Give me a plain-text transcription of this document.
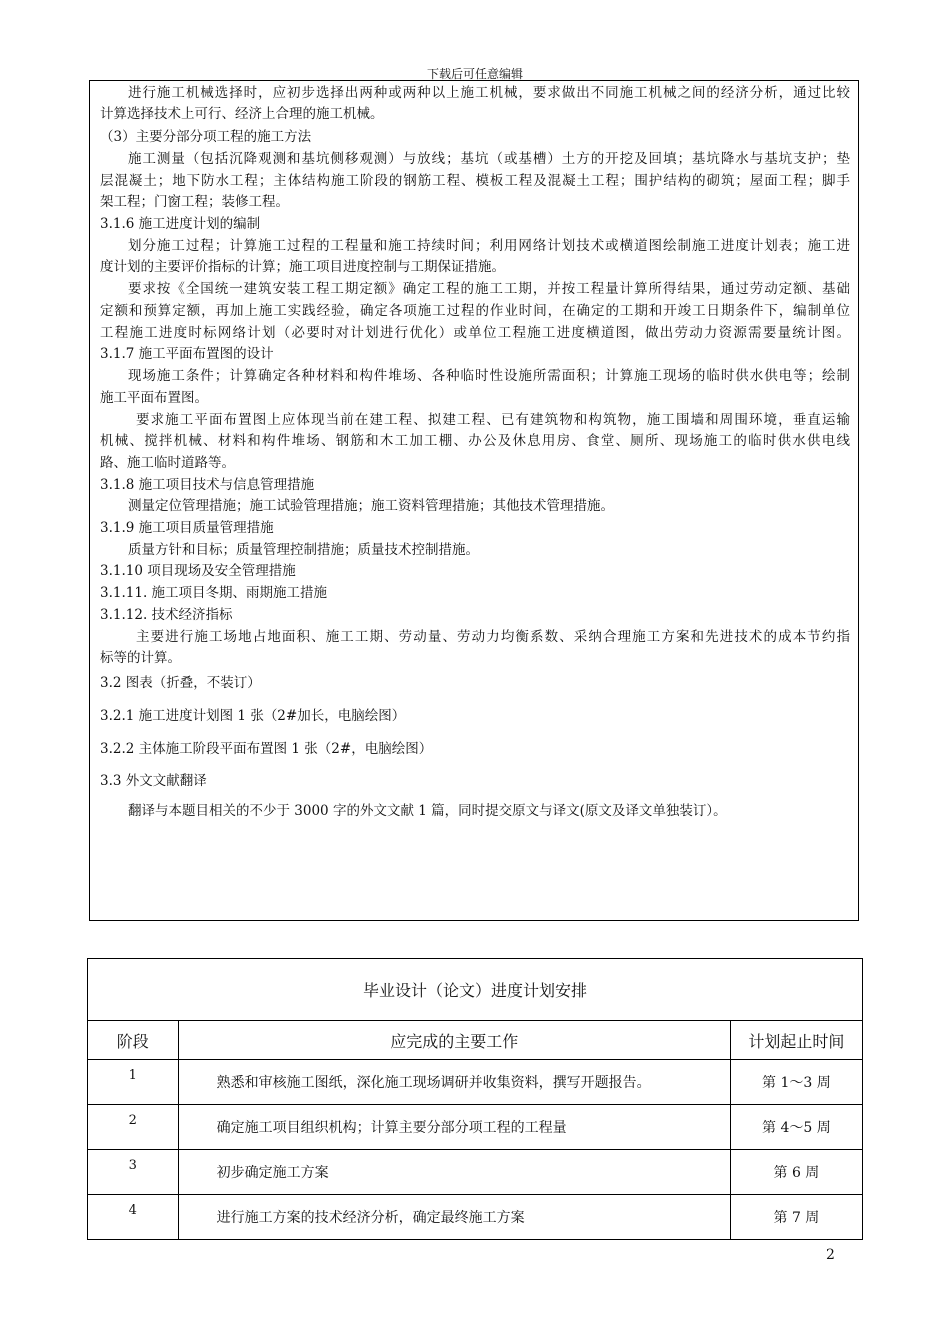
下载后可任意编辑
进行施工机械选择时，应初步选择出两种或两种以上施工机械，要求做出不同施工机械之间的经济分析，通过比较
计算选择技术上可行、经济上合理的施工机械。
（3）主要分部分项工程的施工方法
施工测量（包括沉降观测和基坑侧移观测）与放线；基坑（或基槽）土方的开挖及回填；基坑降水与基坑支护；垫
层混凝土；地下防水工程；主体结构施工阶段的钢筋工程、模板工程及混凝土工程；围护结构的砌筑；屋面工程；脚手
架工程；门窗工程；装修工程。
3.1.6 施工进度计划的编制
划分施工过程；计算施工过程的工程量和施工持续时间；利用网络计划技术或横道图绘制施工进度计划表；施工进
度计划的主要评价指标的计算；施工项目进度控制与工期保证措施。
要求按《全国统一建筑安装工程工期定额》确定工程的施工工期，并按工程量计算所得结果，通过劳动定额、基础
定额和预算定额，再加上施工实践经验，确定各项施工过程的作业时间，在确定的工期和开竣工日期条件下，编制单位
工程施工进度时标网络计划（必要时对计划进行优化）或单位工程施工进度横道图，做出劳动力资源需要量统计图。
3.1.7 施工平面布置图的设计
现场施工条件；计算确定各种材料和构件堆场、各种临时性设施所需面积；计算施工现场的临时供水供电等；绘制
施工平面布置图。
要求施工平面布置图上应体现当前在建工程、拟建工程、已有建筑物和构筑物，施工围墙和周围环境，垂直运输
机械、搅拌机械、材料和构件堆场、钢筋和木工加工棚、办公及休息用房、食堂、厕所、现场施工的临时供水供电线
路、施工临时道路等。
3.1.8 施工项目技术与信息管理措施
测量定位管理措施；施工试验管理措施；施工资料管理措施；其他技术管理措施。
3.1.9 施工项目质量管理措施
质量方针和目标；质量管理控制措施；质量技术控制措施。
3.1.10 项目现场及安全管理措施
3.1.11. 施工项目冬期、雨期施工措施
3.1.12. 技术经济指标
主要进行施工场地占地面积、施工工期、劳动量、劳动力均衡系数、采纳合理施工方案和先进技术的成本节约指
标等的计算。
3.2 图表（折叠，不装订）
3.2.1 施工进度计划图 1 张（2#加长，电脑绘图）
3.2.2 主体施工阶段平面布置图 1 张（2#，电脑绘图）
3.3 外文文献翻译
翻译与本题目相关的不少于 3000 字的外文文献 1 篇，同时提交原文与译文(原文及译文单独装订）。
毕业设计（论文）进度计划安排		
阶段	应完成的主要工作	计划起止时间
1	熟悉和审核施工图纸，深化施工现场调研并收集资料，撰写开题报告。	第 1～3 周
2	确定施工项目组织机构；计算主要分部分项工程的工程量	第 4～5 周
3	初步确定施工方案	第 6 周
4	进行施工方案的技术经济分析，确定最终施工方案	第 7 周
2
